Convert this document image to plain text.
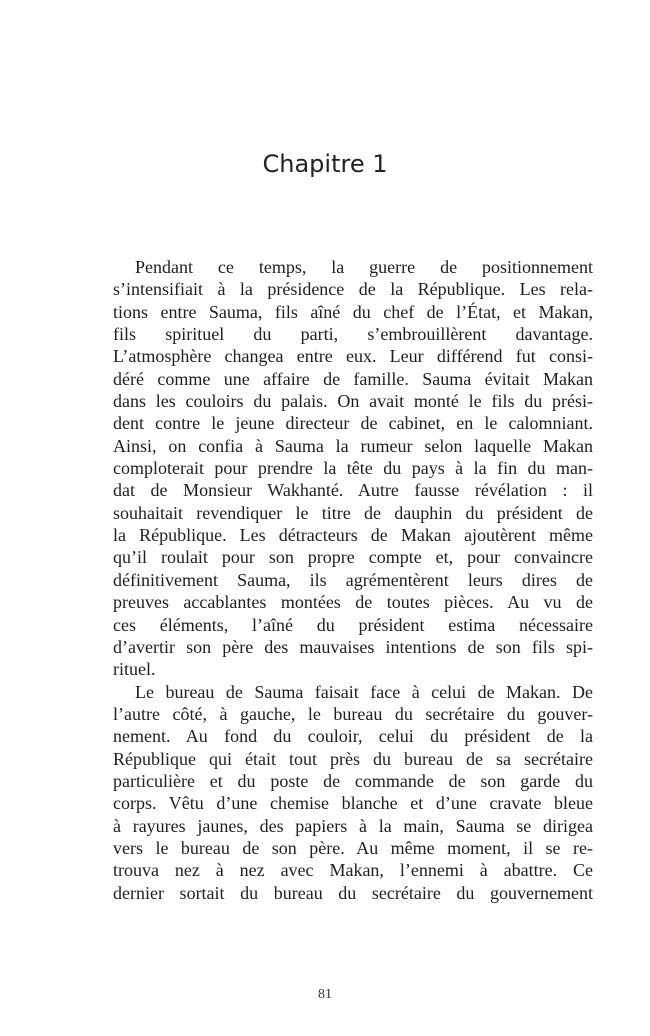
Chapitre 1
Pendant ce temps, la guerre de positionnement
s’intensifiait à la présidence de la République. Les rela-
tions entre Sauma, fils aîné du chef de l’État, et Makan,
fils spirituel du parti, s’embrouillèrent davantage.
L’atmosphère changea entre eux. Leur différend fut consi-
déré comme une affaire de famille. Sauma évitait Makan
dans les couloirs du palais. On avait monté le fils du prési-
dent contre le jeune directeur de cabinet, en le calomniant.
Ainsi, on confia à Sauma la rumeur selon laquelle Makan
comploterait pour prendre la tête du pays à la fin du man-
dat de Monsieur Wakhanté. Autre fausse révélation : il
souhaitait revendiquer le titre de dauphin du président de
la République. Les détracteurs de Makan ajoutèrent même
qu’il roulait pour son propre compte et, pour convaincre
définitivement Sauma, ils agrémentèrent leurs dires de
preuves accablantes montées de toutes pièces. Au vu de
ces éléments, l’aîné du président estima nécessaire
d’avertir son père des mauvaises intentions de son fils spi-
rituel.
Le bureau de Sauma faisait face à celui de Makan. De
l’autre côté, à gauche, le bureau du secrétaire du gouver-
nement. Au fond du couloir, celui du président de la
République qui était tout près du bureau de sa secrétaire
particulière et du poste de commande de son garde du
corps. Vêtu d’une chemise blanche et d’une cravate bleue
à rayures jaunes, des papiers à la main, Sauma se dirigea
vers le bureau de son père. Au même moment, il se re-
trouva nez à nez avec Makan, l’ennemi à abattre. Ce
dernier sortait du bureau du secrétaire du gouvernement
81
